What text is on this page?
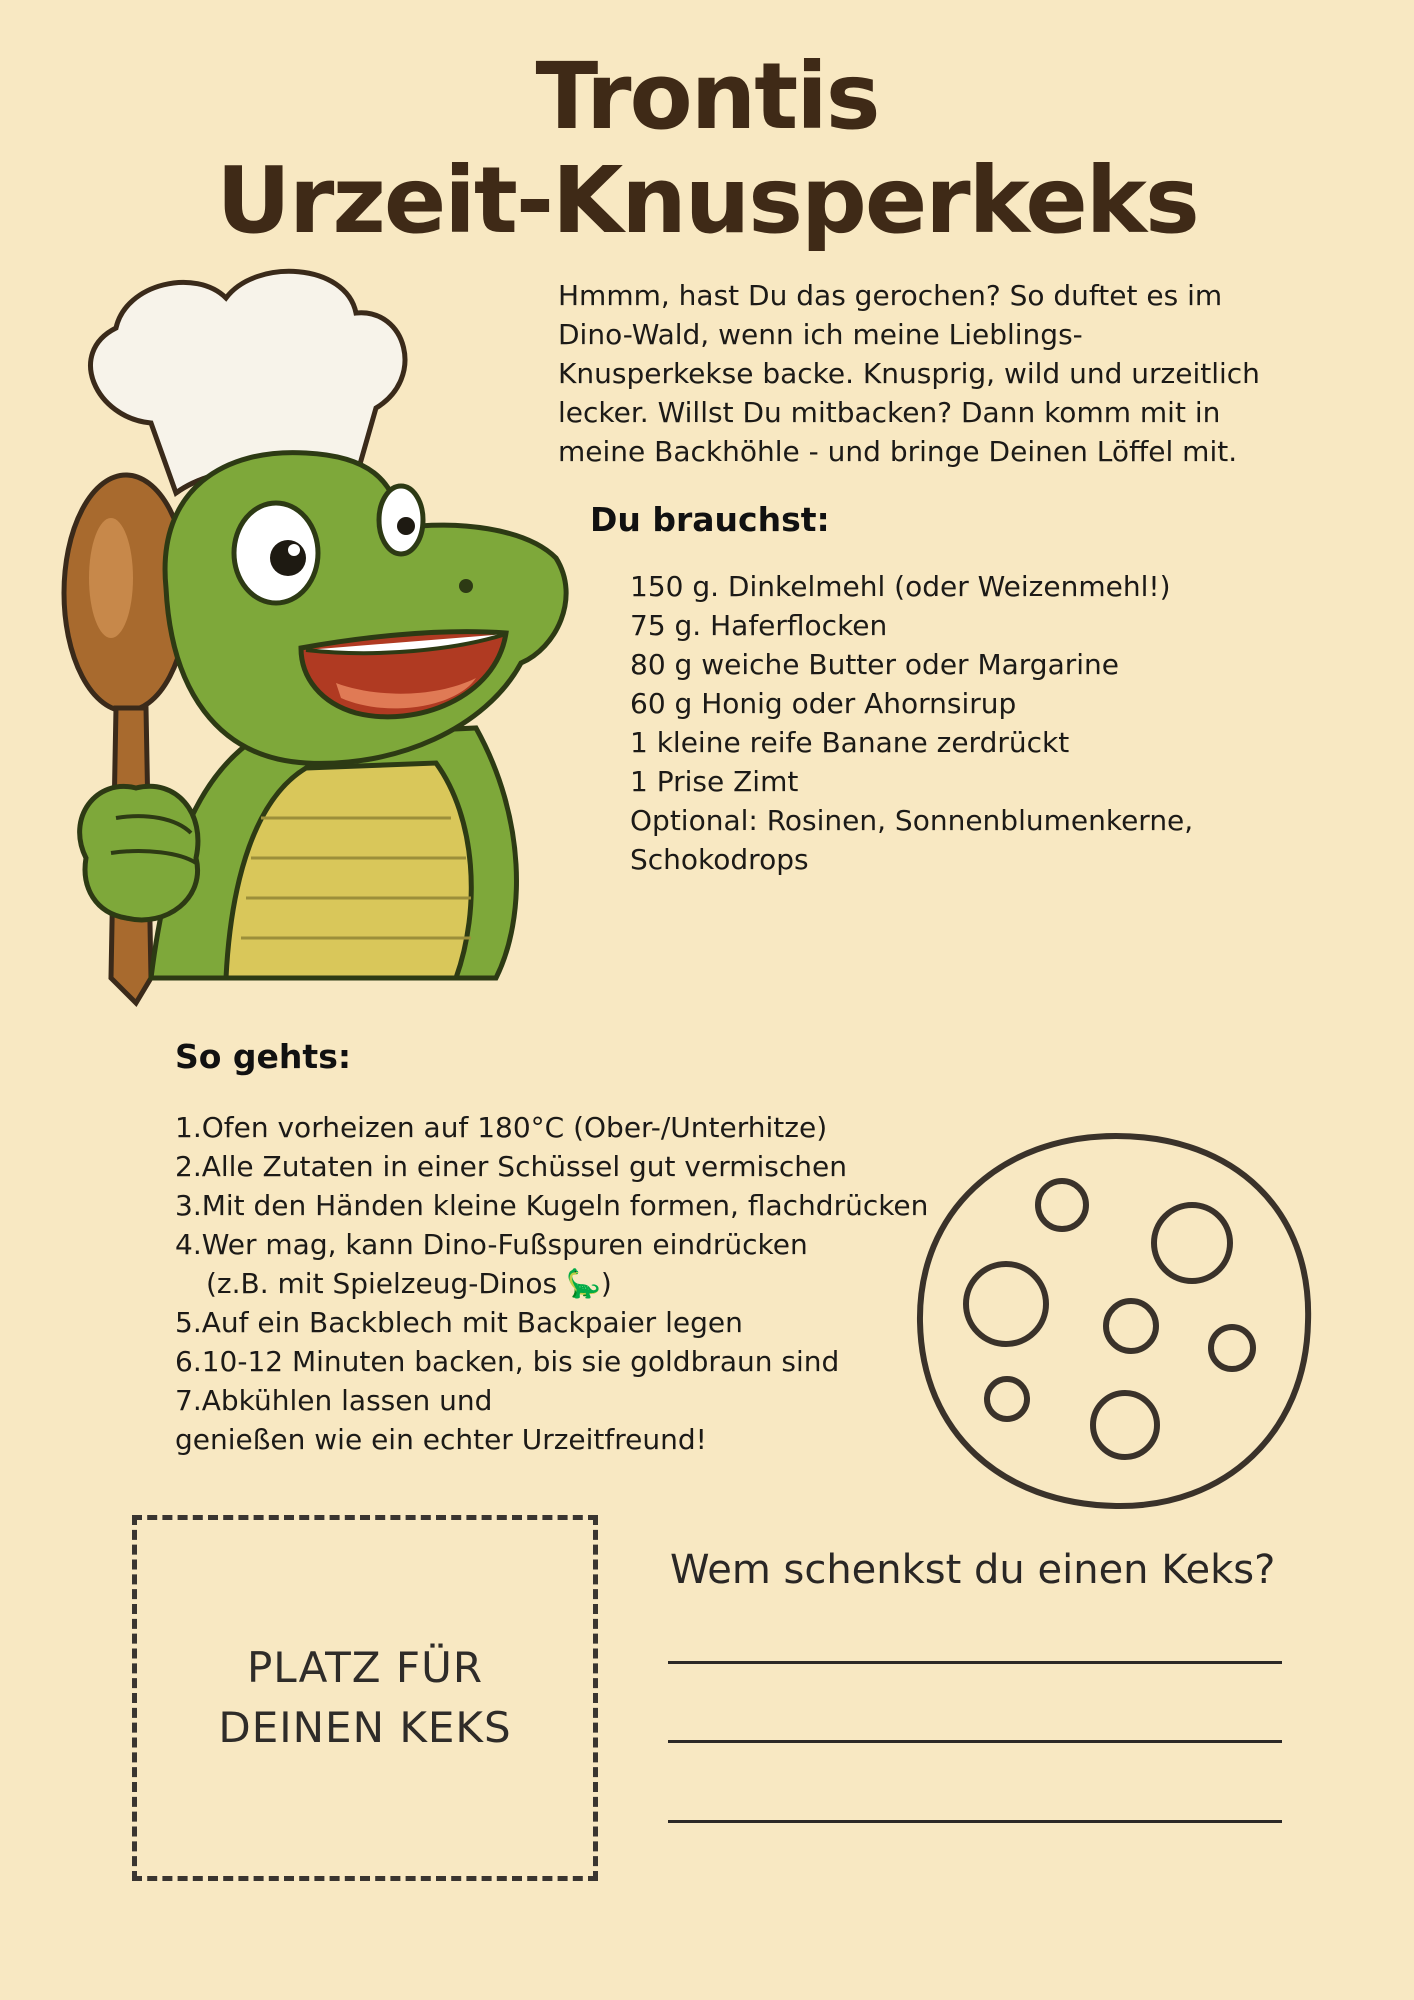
Trontis
Urzeit-Knusperkeks

Hmmm, hast Du das gerochen? So duftet es im
Dino-Wald, wenn ich meine Lieblings-
Knusperkekse backe. Knusprig, wild und urzeitlich
lecker. Willst Du mitbacken? Dann komm mit in
meine Backhöhle - und bringe Deinen Löffel mit.

Du brauchst:
150 g. Dinkelmehl (oder Weizenmehl!)
75 g. Haferflocken
80 g weiche Butter oder Margarine
60 g Honig oder Ahornsirup
1 kleine reife Banane zerdrückt
1 Prise Zimt
Optional: Rosinen, Sonnenblumenkerne,
Schokodrops
So gehts:
1.Ofen vorheizen auf 180°C (Ober-/Unterhitze)
2.Alle Zutaten in einer Schüssel gut vermischen
3.Mit den Händen kleine Kugeln formen, flachdrücken
4.Wer mag, kann Dino-Fußspuren eindrücken
(z.B. mit Spielzeug-Dinos 🦕)
5.Auf ein Backblech mit Backpaier legen
6.10-12 Minuten backen, bis sie goldbraun sind
7.Abkühlen lassen und
genießen wie ein echter Urzeitfreund!
PLATZ FÜR
DEINEN KEKS

Wem schenkst du einen Keks?
